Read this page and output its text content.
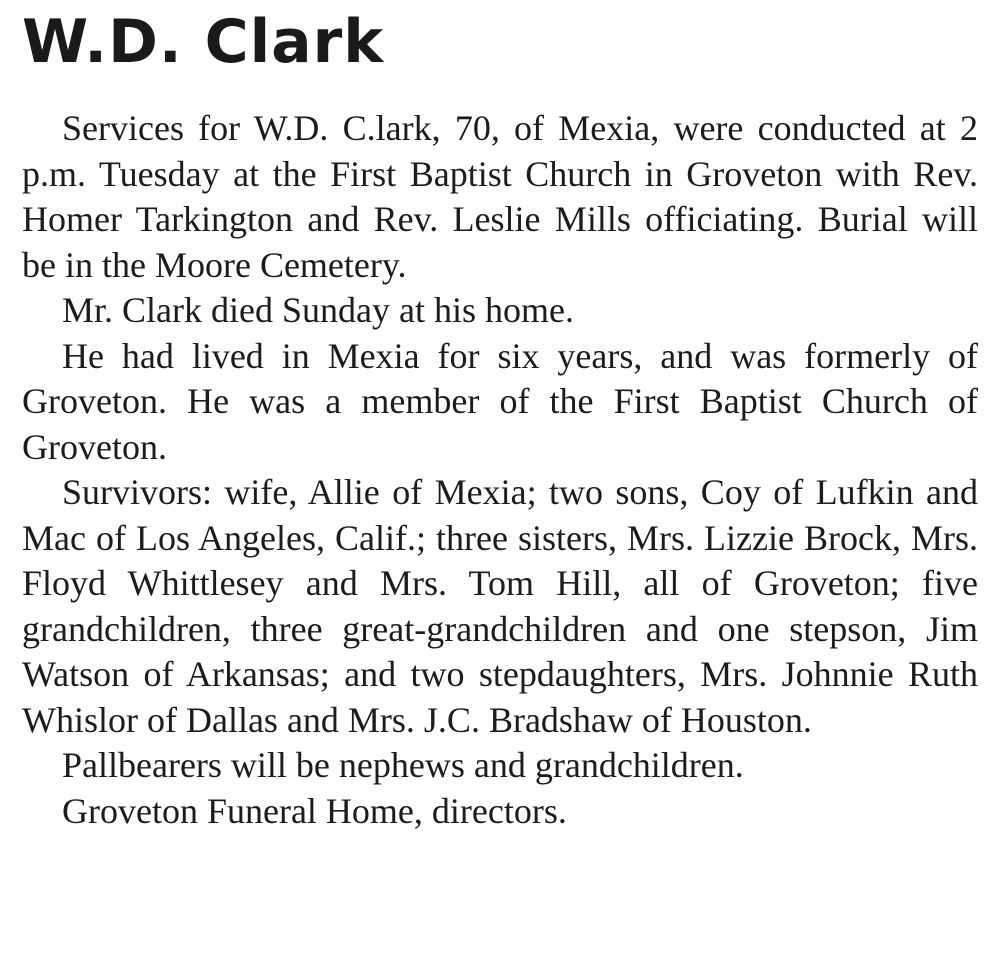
W.D. Clark

Services for W.D. C.lark, 70, of Mexia, were conducted at 2 p.m. Tuesday at the First Baptist Church in Groveton with Rev. Homer Tarkington and Rev. Leslie Mills officiating. Burial will be in the Moore Cemetery.

Mr. Clark died Sunday at his home.

He had lived in Mexia for six years, and was formerly of Groveton. He was a member of the First Baptist Church of Groveton.

Survivors: wife, Allie of Mexia; two sons, Coy of Lufkin and Mac of Los Angeles, Calif.; three sisters, Mrs. Lizzie Brock, Mrs. Floyd Whittlesey and Mrs. Tom Hill, all of Groveton; five grandchildren, three great-grandchildren and one stepson, Jim Watson of Arkansas; and two stepdaughters, Mrs. Johnnie Ruth Whislor of Dallas and Mrs. J.C. Bradshaw of Houston.

Pallbearers will be nephews and grandchildren.

Groveton Funeral Home, directors.
